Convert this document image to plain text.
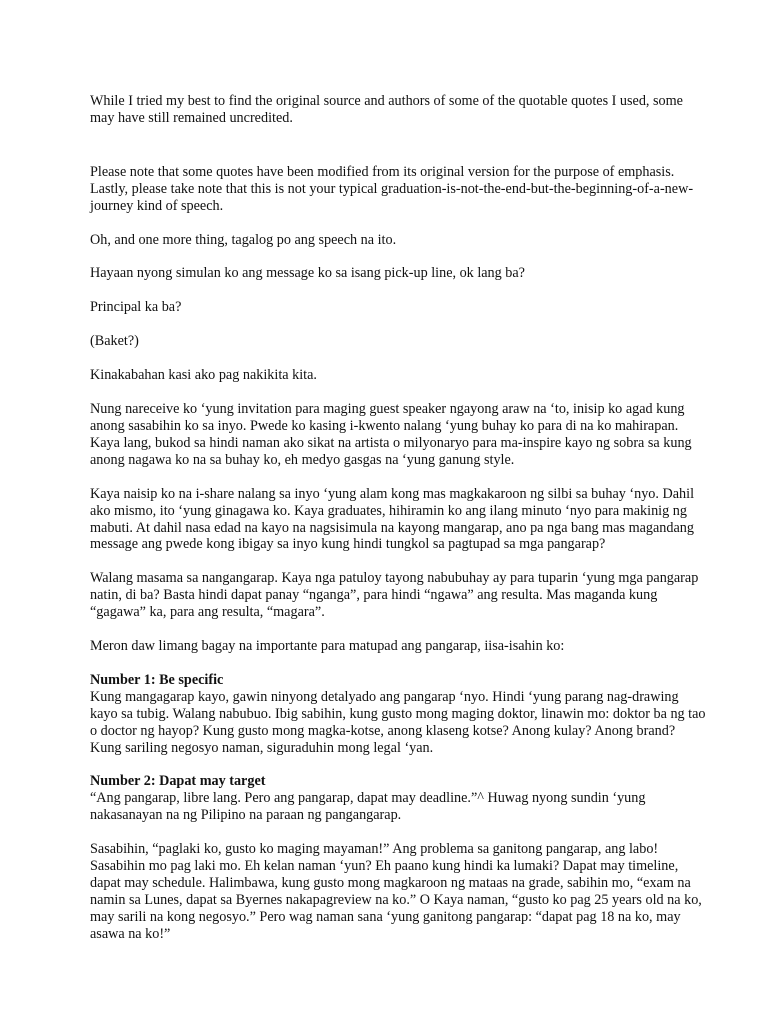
While I tried my best to find the original source and authors of some of the quotable quotes I used, some may have still remained uncredited.

Please note that some quotes have been modified from its original version for the purpose of emphasis. Lastly, please take note that this is not your typical graduation-is-not-the-end-but-the-beginning-of-a-new-journey kind of speech.

Oh, and one more thing, tagalog po ang speech na ito.

Hayaan nyong simulan ko ang message ko sa isang pick-up line, ok lang ba?

Principal ka ba?

(Baket?)

Kinakabahan kasi ako pag nakikita kita.

Nung nareceive ko ‘yung invitation para maging guest speaker ngayong araw na ‘to, inisip ko agad kung anong sasabihin ko sa inyo. Pwede ko kasing i-kwento nalang ‘yung buhay ko para di na ko mahirapan. Kaya lang, bukod sa hindi naman ako sikat na artista o milyonaryo para ma-inspire kayo ng sobra sa kung anong nagawa ko na sa buhay ko, eh medyo gasgas na ‘yung ganung style.

Kaya naisip ko na i-share nalang sa inyo ‘yung alam kong mas magkakaroon ng silbi sa buhay ‘nyo. Dahil ako mismo, ito ‘yung ginagawa ko. Kaya graduates, hihiramin ko ang ilang minuto ‘nyo para makinig ng mabuti. At dahil nasa edad na kayo na nagsisimula na kayong mangarap, ano pa nga bang mas magandang message ang pwede kong ibigay sa inyo kung hindi tungkol sa pagtupad sa mga pangarap?

Walang masama sa nangangarap. Kaya nga patuloy tayong nabubuhay ay para tuparin ‘yung mga pangarap natin, di ba? Basta hindi dapat panay “nganga”, para hindi “ngawa” ang resulta. Mas maganda kung “gagawa” ka, para ang resulta, “magara”.

Meron daw limang bagay na importante para matupad ang pangarap, iisa-isahin ko:

Number 1: Be specific

Kung mangagarap kayo, gawin ninyong detalyado ang pangarap ‘nyo. Hindi ‘yung parang nag-drawing kayo sa tubig. Walang nabubuo. Ibig sabihin, kung gusto mong maging doktor, linawin mo: doktor ba ng tao o doctor ng hayop? Kung gusto mong magka-kotse, anong klaseng kotse? Anong kulay? Anong brand? Kung sariling negosyo naman, siguraduhin mong legal ‘yan.

Number 2: Dapat may target

“Ang pangarap, libre lang. Pero ang pangarap, dapat may deadline.”^ Huwag nyong sundin ‘yung nakasanayan na ng Pilipino na paraan ng pangangarap.

Sasabihin, “paglaki ko, gusto ko maging mayaman!” Ang problema sa ganitong pangarap, ang labo! Sasabihin mo pag laki mo. Eh kelan naman ‘yun? Eh paano kung hindi ka lumaki? Dapat may timeline, dapat may schedule. Halimbawa, kung gusto mong magkaroon ng mataas na grade, sabihin mo, “exam na namin sa Lunes, dapat sa Byernes nakapagreview na ko.” O Kaya naman, “gusto ko pag 25 years old na ko, may sarili na kong negosyo.” Pero wag naman sana ‘yung ganitong pangarap: “dapat pag 18 na ko, may asawa na ko!”
